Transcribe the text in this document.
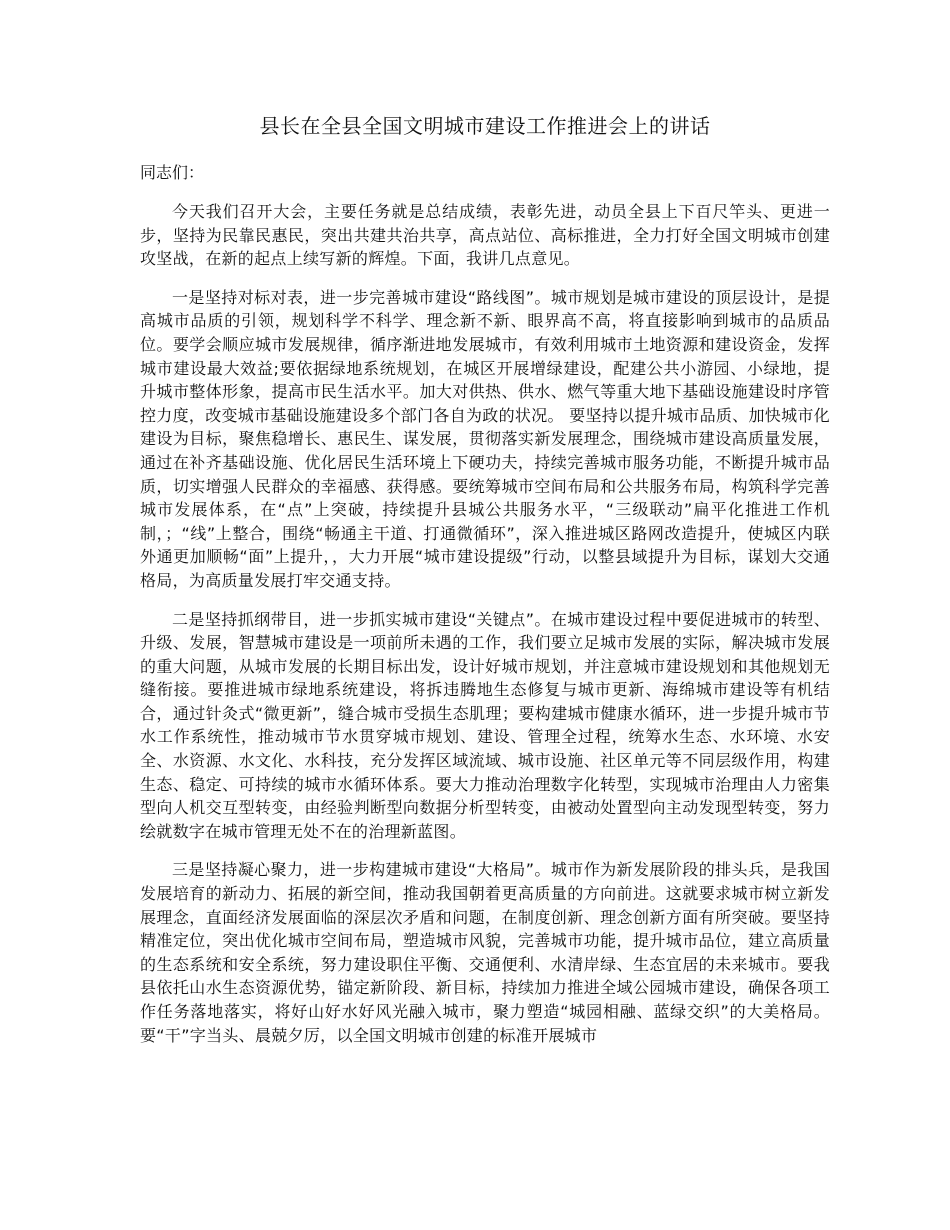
县长在全县全国文明城市建设工作推进会上的讲话
同志们：

今天我们召开大会，主要任务就是总结成绩，表彰先进，动员全县上下百尺竿头、更进一步，坚持为民靠民惠民，突出共建共治共享，高点站位、高标推进，全力打好全国文明城市创建攻坚战，在新的起点上续写新的辉煌。下面，我讲几点意见。

一是坚持对标对表，进一步完善城市建设“路线图”。城市规划是城市建设的顶层设计，是提高城市品质的引领，规划科学不科学、理念新不新、眼界高不高，将直接影响到城市的品质品位。要学会顺应城市发展规律，循序渐进地发展城市，有效利用城市土地资源和建设资金，发挥城市建设最大效益;要依据绿地系统规划，在城区开展增绿建设，配建公共小游园、小绿地，提升城市整体形象，提高市民生活水平。加大对供热、供水、燃气等重大地下基础设施建设时序管控力度，改变城市基础设施建设多个部门各自为政的状况。 要坚持以提升城市品质、加快城市化建设为目标，聚焦稳增长、惠民生、谋发展，贯彻落实新发展理念，围绕城市建设高质量发展，通过在补齐基础设施、优化居民生活环境上下硬功夫，持续完善城市服务功能，不断提升城市品质，切实增强人民群众的幸福感、获得感。要统筹城市空间布局和公共服务布局，构筑科学完善城市发展体系，在“点”上突破，持续提升县城公共服务水平，“三级联动”扁平化推进工作机制，；“线”上整合，围绕“畅通主干道、打通微循环”，深入推进城区路网改造提升，使城区内联外通更加顺畅“面”上提升，，大力开展“城市建设提级”行动，以整县域提升为目标，谋划大交通格局，为高质量发展打牢交通支持。

二是坚持抓纲带目，进一步抓实城市建设“关键点”。在城市建设过程中要促进城市的转型、升级、发展，智慧城市建设是一项前所未遇的工作，我们要立足城市发展的实际，解决城市发展的重大问题，从城市发展的长期目标出发，设计好城市规划，并注意城市建设规划和其他规划无缝衔接。要推进城市绿地系统建设，将拆违腾地生态修复与城市更新、海绵城市建设等有机结合，通过针灸式“微更新”，缝合城市受损生态肌理；要构建城市健康水循环，进一步提升城市节水工作系统性，推动城市节水贯穿城市规划、建设、管理全过程，统筹水生态、水环境、水安全、水资源、水文化、水科技，充分发挥区域流域、城市设施、社区单元等不同层级作用，构建生态、稳定、可持续的城市水循环体系。要大力推动治理数字化转型，实现城市治理由人力密集型向人机交互型转变，由经验判断型向数据分析型转变，由被动处置型向主动发现型转变，努力绘就数字在城市管理无处不在的治理新蓝图。

三是坚持凝心聚力，进一步构建城市建设“大格局”。城市作为新发展阶段的排头兵，是我国发展培育的新动力、拓展的新空间，推动我国朝着更高质量的方向前进。这就要求城市树立新发展理念，直面经济发展面临的深层次矛盾和问题，在制度创新、理念创新方面有所突破。要坚持精准定位，突出优化城市空间布局，塑造城市风貌，完善城市功能，提升城市品位，建立高质量的生态系统和安全系统，努力建设职住平衡、交通便利、水清岸绿、生态宜居的未来城市。要我县依托山水生态资源优势，锚定新阶段、新目标，持续加力推进全域公园城市建设，确保各项工作任务落地落实，将好山好水好风光融入城市，聚力塑造“城园相融、蓝绿交织”的大美格局。要“干”字当头、晨兢夕厉，以全国文明城市创建的标准开展城市
